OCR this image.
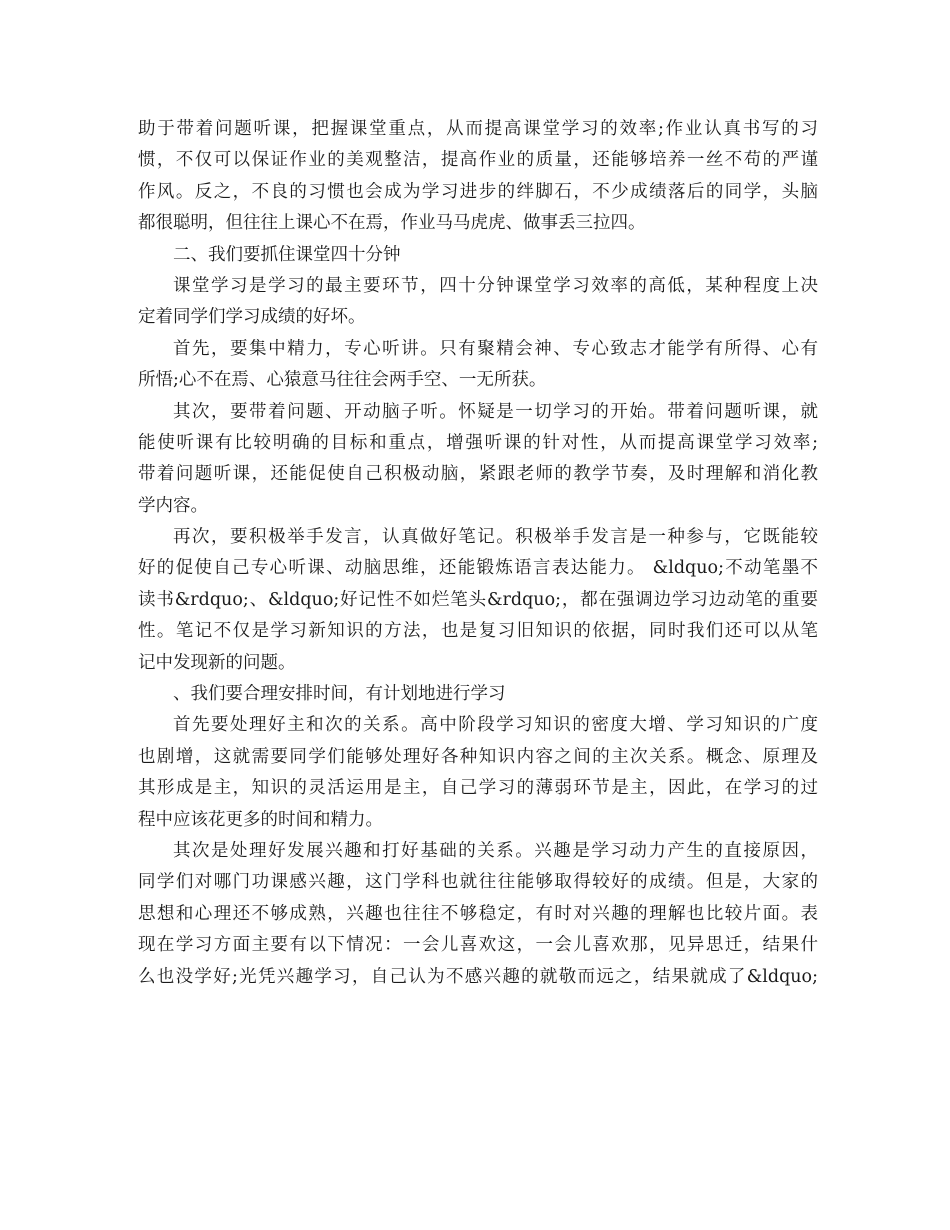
助于带着问题听课，把握课堂重点，从而提高课堂学习的效率;作业认真书写的习
惯，不仅可以保证作业的美观整洁，提高作业的质量，还能够培养一丝不苟的严谨
作风。反之，不良的习惯也会成为学习进步的绊脚石，不少成绩落后的同学，头脑
都很聪明，但往往上课心不在焉，作业马马虎虎、做事丢三拉四。
二、我们要抓住课堂四十分钟
课堂学习是学习的最主要环节，四十分钟课堂学习效率的高低，某种程度上决
定着同学们学习成绩的好坏。
首先，要集中精力，专心听讲。只有聚精会神、专心致志才能学有所得、心有
所悟;心不在焉、心猿意马往往会两手空、一无所获。
其次，要带着问题、开动脑子听。怀疑是一切学习的开始。带着问题听课，就
能使听课有比较明确的目标和重点，增强听课的针对性，从而提高课堂学习效率;
带着问题听课，还能促使自己积极动脑，紧跟老师的教学节奏，及时理解和消化教
学内容。
再次，要积极举手发言，认真做好笔记。积极举手发言是一种参与，它既能较
好的促使自己专心听课、动脑思维，还能锻炼语言表达能力。 &ldquo;不动笔墨不
读书&rdquo;、&ldquo;好记性不如烂笔头&rdquo;，都在强调边学习边动笔的重要
性。笔记不仅是学习新知识的方法，也是复习旧知识的依据，同时我们还可以从笔
记中发现新的问题。
、我们要合理安排时间，有计划地进行学习
首先要处理好主和次的关系。高中阶段学习知识的密度大增、学习知识的广度
也剧增，这就需要同学们能够处理好各种知识内容之间的主次关系。概念、原理及
其形成是主，知识的灵活运用是主，自己学习的薄弱环节是主，因此，在学习的过
程中应该花更多的时间和精力。
其次是处理好发展兴趣和打好基础的关系。兴趣是学习动力产生的直接原因，
同学们对哪门功课感兴趣，这门学科也就往往能够取得较好的成绩。但是，大家的
思想和心理还不够成熟，兴趣也往往不够稳定，有时对兴趣的理解也比较片面。表
现在学习方面主要有以下情况：一会儿喜欢这，一会儿喜欢那，见异思迁，结果什
么也没学好;光凭兴趣学习，自己认为不感兴趣的就敬而远之，结果就成了&ldquo;
